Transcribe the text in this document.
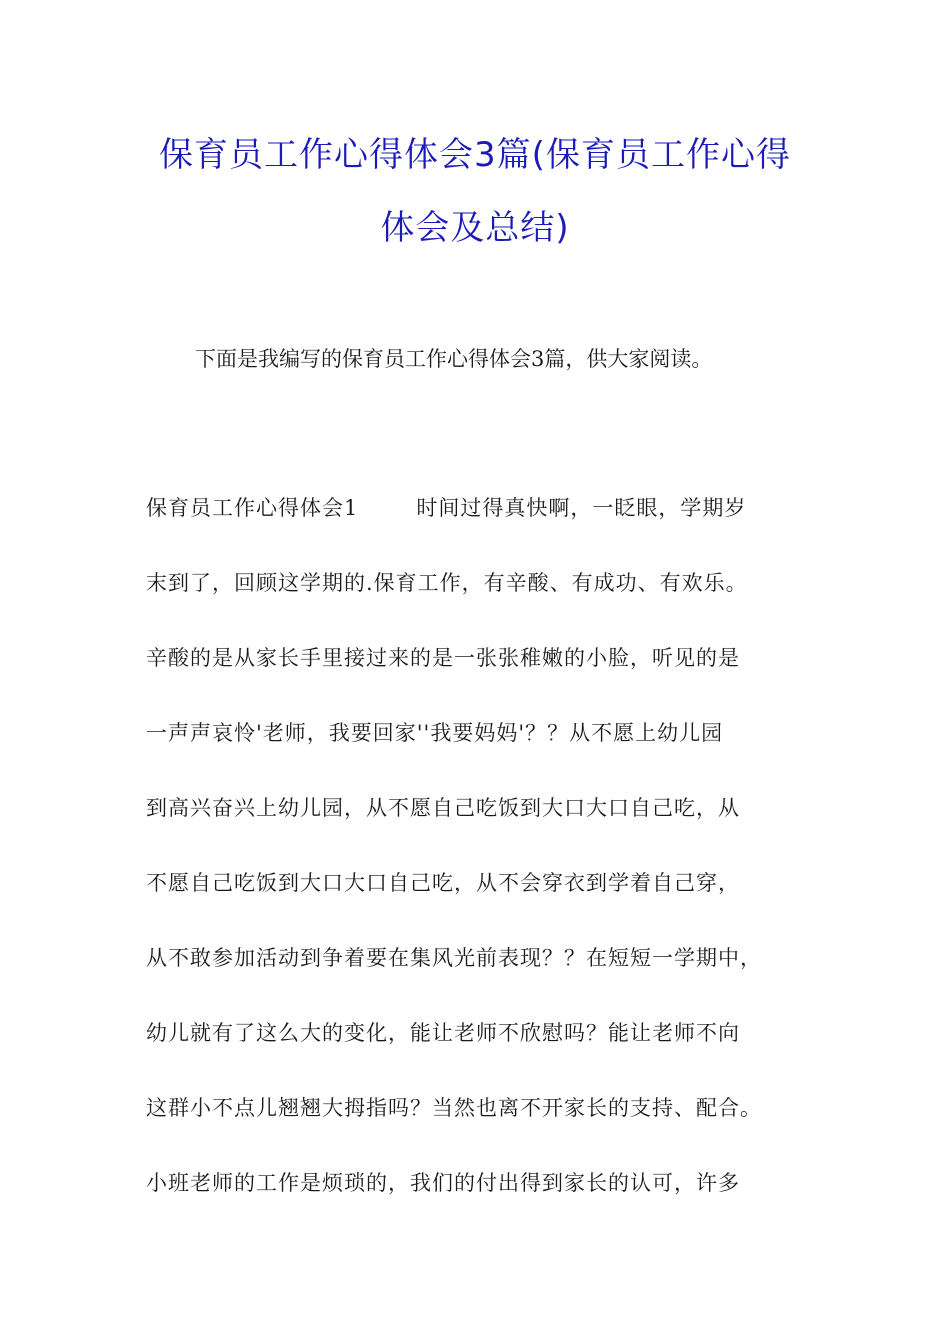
保育员工作心得体会3篇(保育员工作心得
体会及总结)
下面是我编写的保育员工作心得体会3篇，供大家阅读。
保育员工作心得体会1	时间过得真快啊，一眨眼，学期岁
末到了，回顾这学期的.保育工作，有辛酸、有成功、有欢乐。
辛酸的是从家长手里接过来的是一张张稚嫩的小脸，听见的是
一声声哀怜'老师，我要回家''我要妈妈'？？从不愿上幼儿园
到高兴奋兴上幼儿园，从不愿自己吃饭到大口大口自己吃，从
不愿自己吃饭到大口大口自己吃，从不会穿衣到学着自己穿，
从不敢参加活动到争着要在集风光前表现？？在短短一学期中，
幼儿就有了这么大的变化，能让老师不欣慰吗？能让老师不向
这群小不点儿翘翘大拇指吗？当然也离不开家长的支持、配合。
小班老师的工作是烦琐的，我们的付出得到家长的认可，许多
